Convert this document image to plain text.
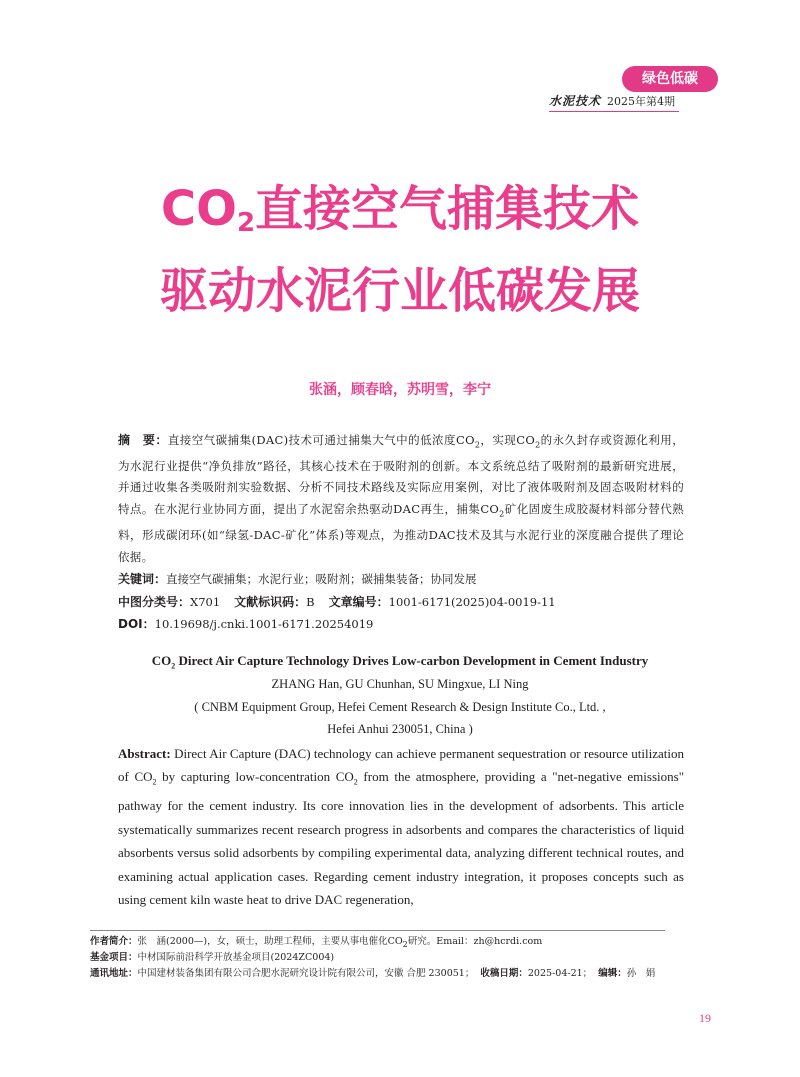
绿色低碳
水泥技术 2025年第4期
$CO_2$直接空气捕集技术
驱动水泥行业低碳发展
张涵，顾春晗，苏明雪，李宁
摘　要：直接空气碳捕集(DAC)技术可通过捕集大气中的低浓度$CO_2$，实现$CO_2$的永久封存或资源化利用，为水泥行业提供“净负排放”路径，其核心技术在于吸附剂的创新。本文系统总结了吸附剂的最新研究进展，并通过收集各类吸附剂实验数据、分析不同技术路线及实际应用案例，对比了液体吸附剂及固态吸附材料的特点。在水泥行业协同方面，提出了水泥窑余热驱动DAC再生，捕集$CO_2$矿化固废生成胶凝材料部分替代熟料，形成碳闭环(如“绿氢-DAC-矿化”体系)等观点，为推动DAC技术及其与水泥行业的深度融合提供了理论依据。
关键词：直接空气碳捕集；水泥行业；吸附剂；碳捕集装备；协同发展
中图分类号：X701 文献标识码：B 文章编号：1001-6171(2025)04-0019-11
DOI：10.19698/j.cnki.1001-6171.20254019
$CO_2$ Direct Air Capture Technology Drives Low-carbon Development in Cement Industry
ZHANG Han, GU Chunhan, SU Mingxue, LI Ning
( CNBM Equipment Group, Hefei Cement Research & Design Institute Co., Ltd. ,
Hefei Anhui 230051, China )
Abstract: Direct Air Capture (DAC) technology can achieve permanent sequestration or resource utilization of $CO_2$ by capturing low-concentration $CO_2$ from the atmosphere, providing a "net-negative emissions" pathway for the cement industry. Its core innovation lies in the development of adsorbents. This article systematically summarizes recent research progress in adsorbents and compares the characteristics of liquid absorbents versus solid adsorbents by compiling experimental data, analyzing different technical routes, and examining actual application cases. Regarding cement industry integration, it proposes concepts such as using cement kiln waste heat to drive DAC regeneration,
作者简介：张　涵(2000—)，女，硕士，助理工程师，主要从事电催化$CO_2$研究。Email：zh@hcrdi.com
基金项目：中材国际前沿科学开放基金项目(2024ZC004)
通讯地址：中国建材装备集团有限公司合肥水泥研究设计院有限公司，安徽 合肥 230051； 收稿日期：2025-04-21； 编辑：孙　娟
19
